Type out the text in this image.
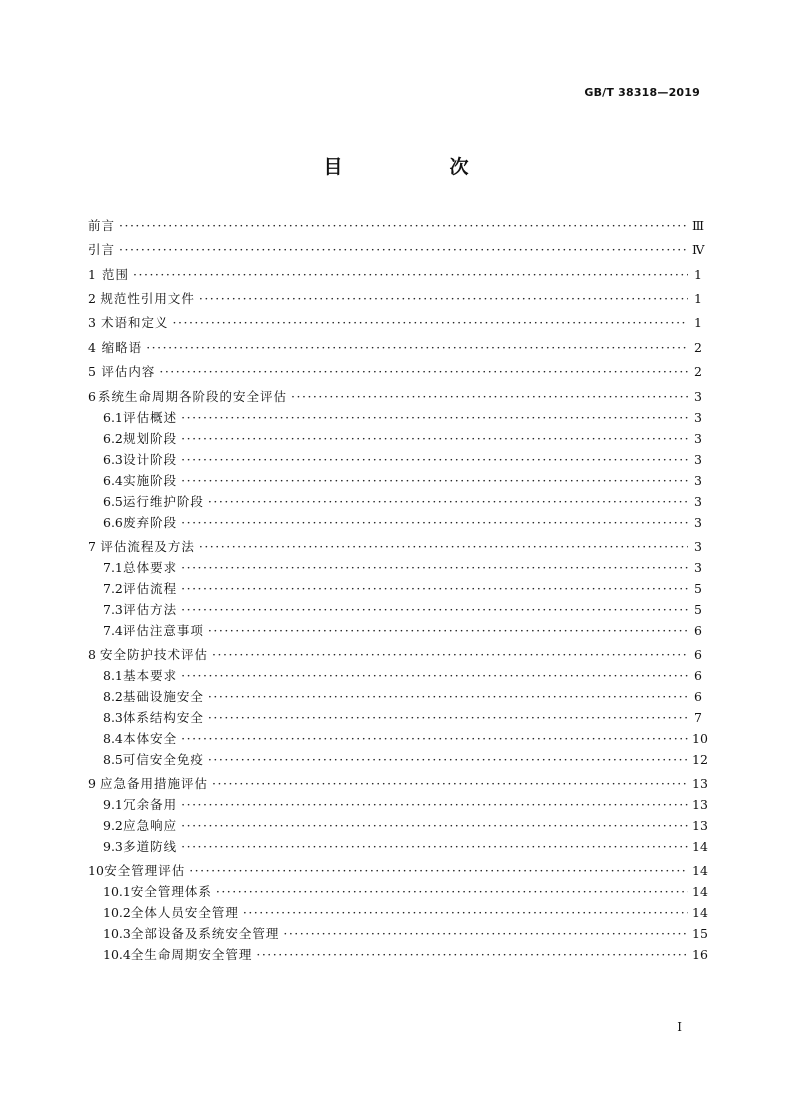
GB/T 38318—2019
目　次
前言 ·····	Ⅲ
引言 ·····	Ⅳ
1 范围 ·····	1
2 规范性引用文件 ·····	1
3 术语和定义 ·····	1
4 缩略语 ·····	2
5 评估内容 ·····	2
6 系统生命周期各阶段的安全评估 ·····	3
6.1 评估概述 ·····	3
6.2 规划阶段 ·····	3
6.3 设计阶段 ·····	3
6.4 实施阶段 ·····	3
6.5 运行维护阶段 ·····	3
6.6 废弃阶段 ·····	3
7 评估流程及方法 ·····	3
7.1 总体要求 ·····	3
7.2 评估流程 ·····	5
7.3 评估方法 ·····	5
7.4 评估注意事项 ·····	6
8 安全防护技术评估 ·····	6
8.1 基本要求 ·····	6
8.2 基础设施安全 ·····	6
8.3 体系结构安全 ·····	7
8.4 本体安全 ·····	10
8.5 可信安全免疫 ·····	12
9 应急备用措施评估 ·····	13
9.1 冗余备用 ·····	13
9.2 应急响应 ·····	13
9.3 多道防线 ·····	14
10 安全管理评估 ·····	14
10.1 安全管理体系 ·····	14
10.2 全体人员安全管理 ·····	14
10.3 全部设备及系统安全管理 ·····	15
10.4 全生命周期安全管理 ·····	16
I
